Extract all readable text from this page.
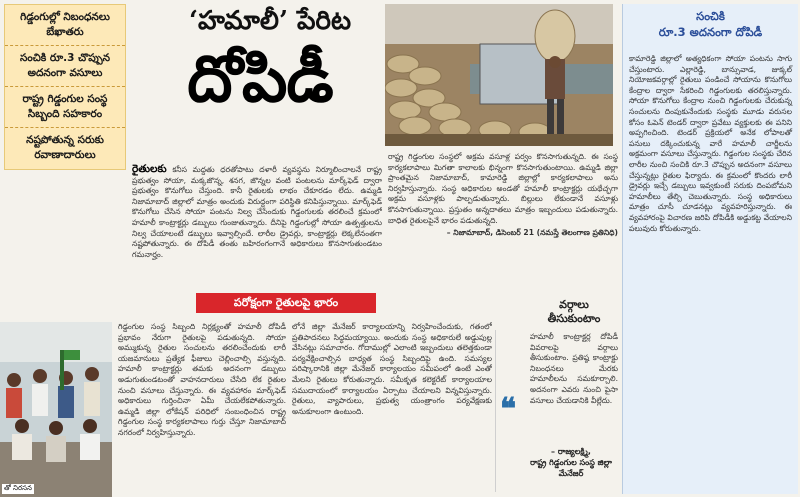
గిడ్డంగుల్లో నిబంధనలు బేఖాతరు
సంచికి రూ.3 చొప్పున అదనంగా వసూలు
రాష్ట్ర గిడ్డంగుల సంస్థ సిబ్బంది సహకారం
నష్టపోతున్న సరుకు రవాణాదారులు
‘హమాలీ’ పేరిట
దోపిడీ
రైతులకు కనీస మద్దతు ధరతోపాటు దళారీ వ్యవస్థను నిర్మూలించాలనే రాష్ట్ర ప్రభుత్వం సోయా, మక్కజొన్న, శనగ, జొన్నల వంటి పంటలను మార్క్‌ఫెడ్‌ ద్వారా ప్రభుత్వం కొనుగోలు చేస్తుంది. కానీ రైతులకు లాభం చేకూరడం లేదు. ఉమ్మడి నిజామాబాద్‌ జిల్లాలో మాత్రం అందుకు విరుద్ధంగా పరిస్థితి కనిపిస్తున్నాయి. మార్క్‌ఫెడ్‌ కొనుగోలు చేసిన సోయా పంటను నిల్వ చేసేందుకు గిడ్డంగులకు తరలించే క్రమంలో హమాలీ కాంట్రాక్టర్లు డబ్బులు గుంజుతున్నారు. దీనిపై గిడ్డంగుల్లో సోయా ఉత్పత్తులను నిల్వ చేయాలంటే డబ్బులు ఇవ్వాల్సిందే. లారీల డ్రైవర్లు, కాంట్రాక్టర్లు లెక్కలేనంతగా నష్టపోతున్నారు. ఈ దోపిడీ తంతు బహిరంగంగానే అధికారులు కొనసాగుతుండటం గమనార్హం.
రాష్ట్ర గిడ్డంగుల సంస్థలో అక్రమ వసూళ్ల పర్వం కొనసాగుతున్నది. ఈ సంస్థ కార్యకలాపాలు మిగతా కాలాలకు భిన్నంగా కొనసాగుతుంటాయి. ఉమ్మడి జిల్లా ప్రాంతమైన నిజామాబాద్‌, కామారెడ్డి జిల్లాల్లో కార్యకలాపాలు అను నిర్వహిస్తున్నారు. సంస్థ అధికారుల అండతో హమాలీ కాంట్రాక్టర్లు యథేచ్ఛగా అక్రమ వసూళ్లకు పాల్పడుతున్నారు. బిల్లులు లేకుండానే వసూళ్లు కొనసాగుతున్నాయి. ప్రస్తుతం అన్నదాతలు మాత్రం ఇబ్బందులు పడుతున్నారు. బాధిత రైతులపైనే భారం పడుతున్నది.
– నిజామాబాద్‌, డిసెంబర్‌ 21 (నమస్తే తెలంగాణ ప్రతినిధి)
పరోక్షంగా రైతులపై భారం
తో నిరసన
గిడ్డంగుల సంస్థ సిబ్బంది నిర్లక్ష్యంతో హమాలీ దోపిడీ ప్రభావం నేరుగా రైతులపై పడుతున్నది. సోయా అమ్ముకున్న రైతుల సంచులను తరలించేందుకు లారీ యజమానులు ప్రత్యేక ఫీజులు చెల్లించాల్సి వస్తున్నది. హమాలీ కాంట్రాక్టర్లు తమకు అదనంగా డబ్బులు అడుగుతుండటంతో వాహనదారులు చేసేది లేక రైతుల నుంచి వసూలు చేస్తున్నారు. ఈ వ్యవహారం మార్క్‌ఫెడ్‌ అధికారులు గుర్తించినా ఏమీ చేయలేకపోతున్నారు. ఉమ్మడి జిల్లా లోకేషన్‌ పరిధిలో సంబంధించిన రాష్ట్ర గిడ్డంగుల సంస్థ కార్యకలాపాలు గుర్తు చేస్తూ నిజామాబాద్‌ నగరంలో నిర్వహిస్తున్నారు.
లోనే జిల్లా మేనేజర్‌ కార్యాలయాన్ని నిర్వహించేందుకు, గతంలో ప్రతిపాదనలు సిద్ధమయ్యాయి. అందుకు సంస్థ అధికారులే అడ్డుపుల్ల వేసినట్లు సమాచారం. గోదాముల్లో ఎలాంటి ఇబ్బందులు తలెత్తకుండా పర్యవేక్షించాల్సిన బాధ్యత సంస్థ సిబ్బందిపై ఉంది. సమస్యల పరిష్కారానికి జిల్లా మేనేజర్‌ కార్యాలయం సమీపంలో ఉంటే ఎంతో మేలని రైతులు కోరుతున్నారు. సమీకృత కలెక్టరేట్‌ కార్యాలయాల సముదాయంలో కార్యాలయం ఏర్పాటు చేయాలని విన్నవిస్తున్నారు. రైతులు, వ్యాపారులు, ప్రభుత్వ యంత్రాంగం పర్యవేక్షణకు అనుకూలంగా ఉంటుంది.
వర్గాలు తీసుకుంటాం
హమాలీ కాంట్రాక్టర్ల దోపిడీ వివరాలపై వర్గాలు తీసుకుంటాం. ప్రతిష్ఠ కాంట్రాక్టు నిబంధనలు మేరకు హమాలీలను సమకూర్చాలి. అదనంగా ఎవరు నుంచి పైసా వసూలు చేయడానికి వీల్లేదు.
❝
– రాజ్యలక్ష్మి,
రాష్ట్ర గిడ్డంగుల సంస్థ జిల్లా మేనేజర్‌
సంచికి
రూ.3 అదనంగా దోపిడీ
కామారెడ్డి జిల్లాలో అత్యధికంగా సోయా పంటను సాగు చేస్తుంటారు. ఎల్లారెడ్డి, బాన్సువాడ, జుక్కల్‌ నియోజకవర్గాల్లో రైతులు పండించే సోయాను కొనుగోలు కేంద్రాల ద్వారా సేకరించి గిడ్డంగులకు తరలిస్తున్నారు. సోయా కొనుగోలు కేంద్రాల నుంచి గిడ్డంగులకు చేరుకున్న సంచులను దింపుకునేందుకు సంస్థకు మూడు వరుసల కోసం ఓపెన్‌ టెండర్‌ ద్వారా ప్రవేటు వ్యక్తులకు ఈ పనిని అప్పగించింది. టెండర్‌ ప్రక్రియలో అనేక లోపాలతో పనులు దక్కించుకున్న వారే హమాలీ చార్జీలను అక్రమంగా వసూలు చేస్తున్నారు. గిడ్డంగుల సంస్థకు చేరిన లారీల నుంచి సంచికి రూ.3 చొప్పున అదనంగా వసూలు చేస్తున్నట్లు రైతుల ఫిర్యాదు. ఈ క్రమంలో కొందరు లారీ డ్రైవర్లు ఇచ్చే డబ్బులు ఇవ్వకుంటే సరుకు దింపబోమని హమాలీలు తేల్చి చెబుతున్నారు. సంస్థ అధికారులు మాత్రం చూసీ చూడనట్లు వ్యవహరిస్తున్నారు. ఈ వ్యవహారంపై విచారణ జరిపి దోపిడీకి అడ్డుకట్ట వేయాలని పలువురు కోరుతున్నారు.
